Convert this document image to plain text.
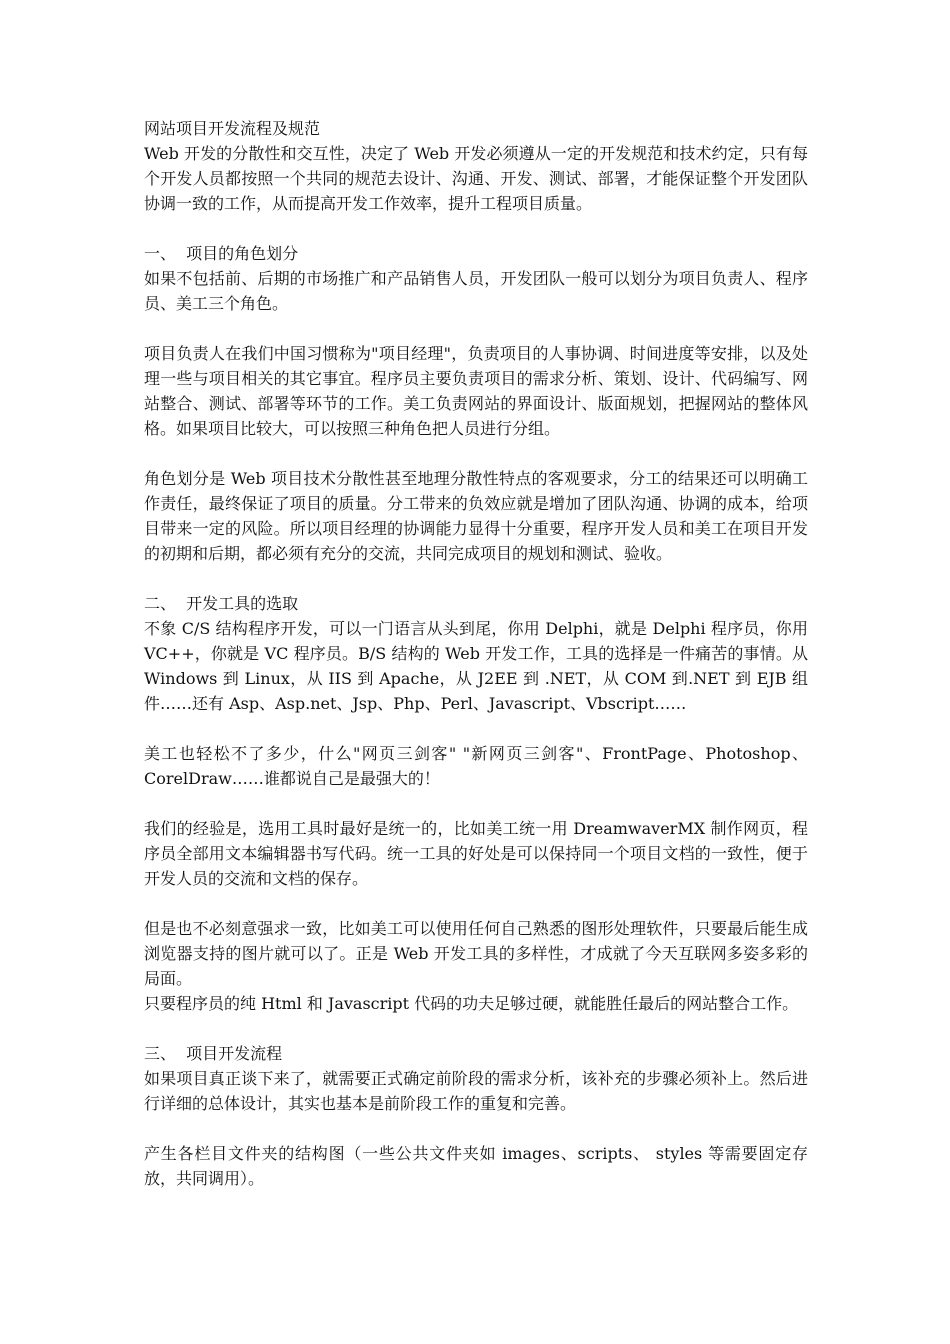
网站项目开发流程及规范

Web 开发的分散性和交互性，决定了 Web 开发必须遵从一定的开发规范和技术约定，只有每个开发人员都按照一个共同的规范去设计、沟通、开发、测试、部署，才能保证整个开发团队协调一致的工作，从而提高开发工作效率，提升工程项目质量。

一、  项目的角色划分

如果不包括前、后期的市场推广和产品销售人员，开发团队一般可以划分为项目负责人、程序员、美工三个角色。

项目负责人在我们中国习惯称为"项目经理"，负责项目的人事协调、时间进度等安排，以及处理一些与项目相关的其它事宜。程序员主要负责项目的需求分析、策划、设计、代码编写、网站整合、测试、部署等环节的工作。美工负责网站的界面设计、版面规划，把握网站的整体风格。如果项目比较大，可以按照三种角色把人员进行分组。

角色划分是 Web 项目技术分散性甚至地理分散性特点的客观要求，分工的结果还可以明确工作责任，最终保证了项目的质量。分工带来的负效应就是增加了团队沟通、协调的成本，给项目带来一定的风险。所以项目经理的协调能力显得十分重要，程序开发人员和美工在项目开发的初期和后期，都必须有充分的交流，共同完成项目的规划和测试、验收。

二、  开发工具的选取

不象 C/S 结构程序开发，可以一门语言从头到尾，你用 Delphi，就是 Delphi 程序员，你用 VC++，你就是 VC 程序员。B/S 结构的 Web 开发工作，工具的选择是一件痛苦的事情。从 Windows 到 Linux，从 IIS 到 Apache，从 J2EE 到 .NET，从 COM 到.NET 到 EJB 组件……还有 Asp、Asp.net、Jsp、Php、Perl、Javascript、Vbscript……

美工也轻松不了多少，什么"网页三剑客" "新网页三剑客"、FrontPage、Photoshop、CorelDraw……谁都说自己是最强大的！

我们的经验是，选用工具时最好是统一的，比如美工统一用 DreamwaverMX 制作网页，程序员全部用文本编辑器书写代码。统一工具的好处是可以保持同一个项目文档的一致性，便于开发人员的交流和文档的保存。

但是也不必刻意强求一致，比如美工可以使用任何自己熟悉的图形处理软件，只要最后能生成浏览器支持的图片就可以了。正是 Web 开发工具的多样性，才成就了今天互联网多姿多彩的局面。

只要程序员的纯 Html 和 Javascript 代码的功夫足够过硬，就能胜任最后的网站整合工作。

三、  项目开发流程

如果项目真正谈下来了，就需要正式确定前阶段的需求分析，该补充的步骤必须补上。然后进行详细的总体设计，其实也基本是前阶段工作的重复和完善。

产生各栏目文件夹的结构图（一些公共文件夹如 images、scripts、 styles 等需要固定存放，共同调用）。
